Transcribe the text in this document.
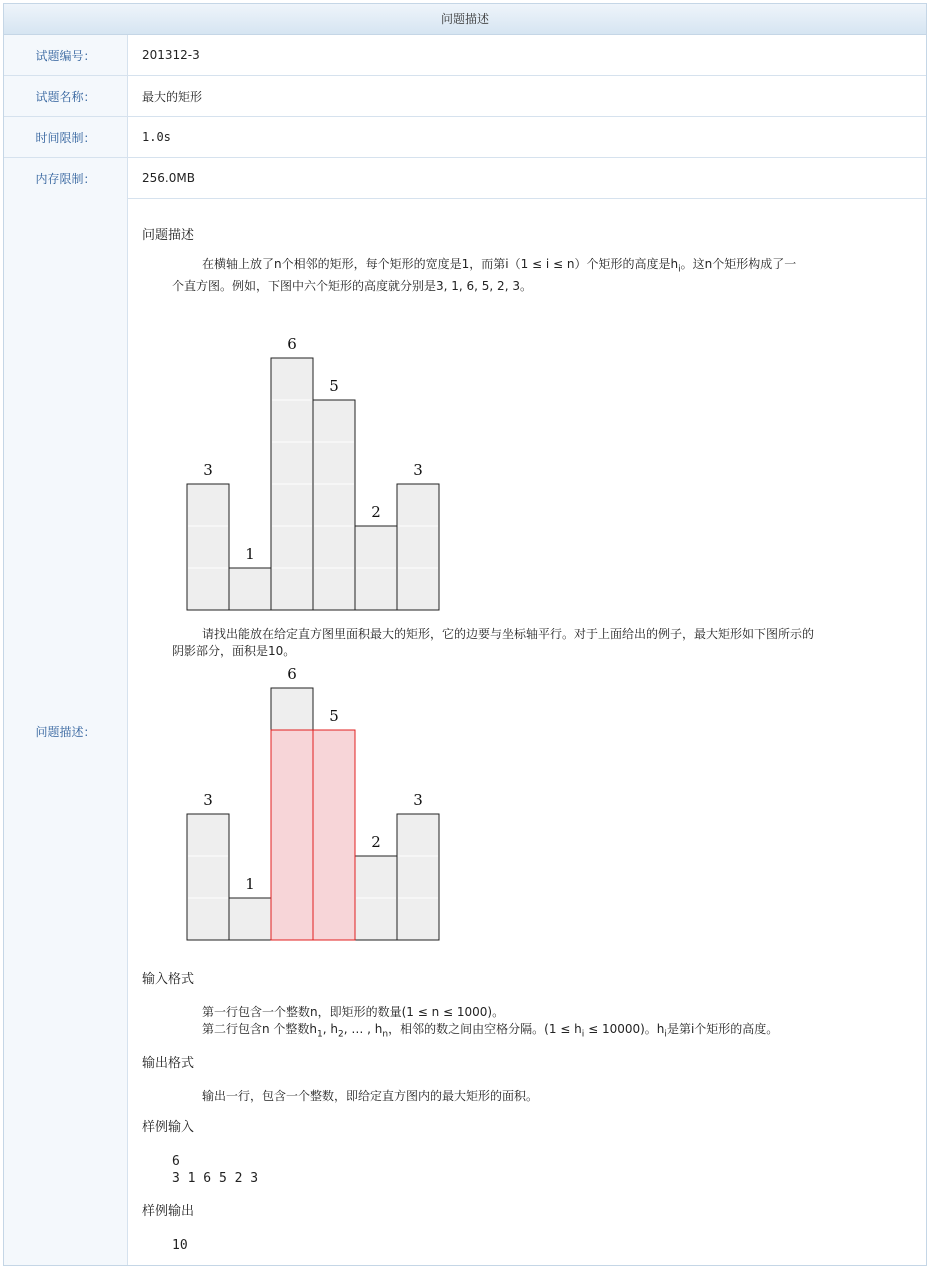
问题描述
试题编号：	201312-3
试题名称：	最大的矩形
时间限制：	1.0s
内存限制：	256.0MB
问题描述：
问题描述
在横轴上放了n个相邻的矩形，每个矩形的宽度是1，而第i（1 ≤ i ≤ n）个矩形的高度是$h_i$。这n个矩形构成了一
个直方图。例如，下图中六个矩形的高度就分别是3, 1, 6, 5, 2, 3。
3
1
6
5
2
3
请找出能放在给定直方图里面积最大的矩形，它的边要与坐标轴平行。对于上面给出的例子，最大矩形如下图所示的
阴影部分，面积是10。
3
1
6
5
2
3
输入格式
第一行包含一个整数n，即矩形的数量(1 ≤ n ≤ 1000)。
第二行包含n 个整数$h_1$, $h_2$, … , $h_n$，相邻的数之间由空格分隔。$(1 \le h_i \le 10000)$。$h_i$是第i个矩形的高度。
输出格式
输出一行，包含一个整数，即给定直方图内的最大矩形的面积。
样例输入
6
3 1 6 5 2 3
样例输出
10
